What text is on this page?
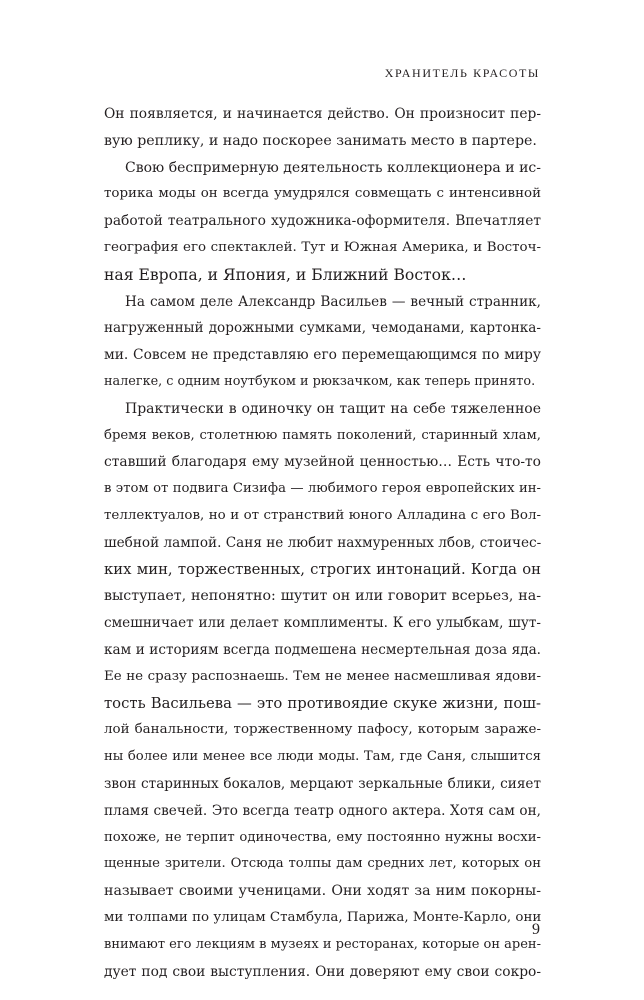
ХРАНИТЕЛЬ КРАСОТЫ
Он появляется, и начинается действо. Он произносит пер-
вую реплику, и надо поскорее занимать место в партере.
Свою беспримерную деятельность коллекционера и ис-
торика моды он всегда умудрялся совмещать с интенсивной
работой театрального художника-оформителя. Впечатляет
география его спектаклей. Тут и Южная Америка, и Восточ-
ная Европа, и Япония, и Ближний Восток…
На самом деле Александр Васильев — вечный странник,
нагруженный дорожными сумками, чемоданами, картонка-
ми. Совсем не представляю его перемещающимся по миру
налегке, с одним ноутбуком и рюкзачком, как теперь принято.
Практически в одиночку он тащит на себе тяжеленное
бремя веков, столетнюю память поколений, старинный хлам,
ставший благодаря ему музейной ценностью… Есть что-то
в этом от подвига Сизифа — любимого героя европейских ин-
теллектуалов, но и от странствий юного Алладина с его Вол-
шебной лампой. Саня не любит нахмуренных лбов, стоичес-
ких мин, торжественных, строгих интонаций. Когда он
выступает, непонятно: шутит он или говорит всерьез, на-
смешничает или делает комплименты. К его улыбкам, шут-
кам и историям всегда подмешена несмертельная доза яда.
Ее не сразу распознаешь. Тем не менее насмешливая ядови-
тость Васильева — это противоядие скуке жизни, пош-
лой банальности, торжественному пафосу, которым зараже-
ны более или менее все люди моды. Там, где Саня, слышится
звон старинных бокалов, мерцают зеркальные блики, сияет
пламя свечей. Это всегда театр одного актера. Хотя сам он,
похоже, не терпит одиночества, ему постоянно нужны восхи-
щенные зрители. Отсюда толпы дам средних лет, которых он
называет своими ученицами. Они ходят за ним покорны-
ми толпами по улицам Стамбула, Парижа, Монте-Карло, они
внимают его лекциям в музеях и ресторанах, которые он арен-
дует под свои выступления. Они доверяют ему свои сокро-
9
